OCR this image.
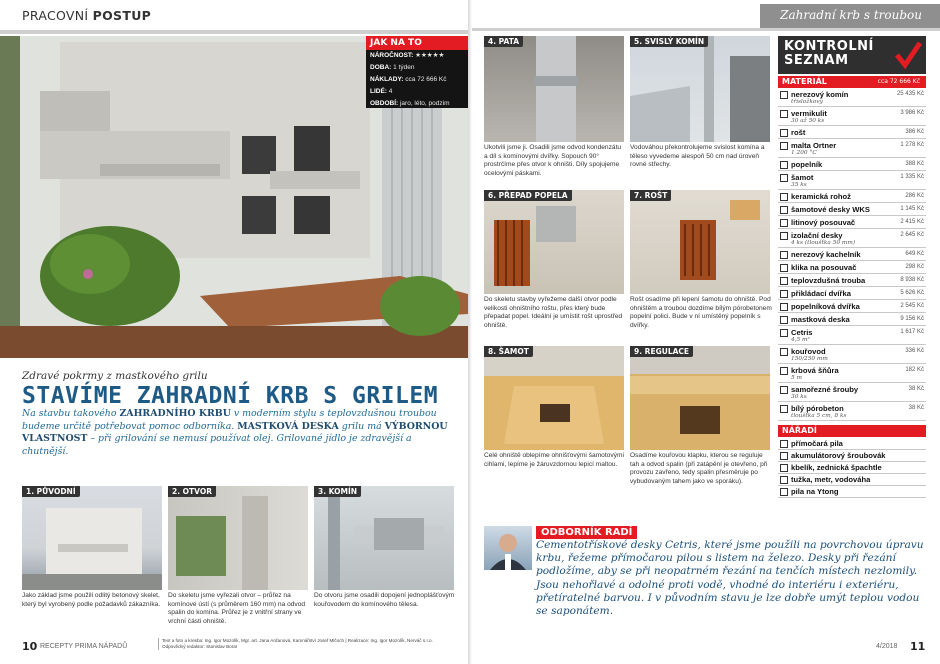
PRACOVNÍ POSTUP	Zahradní krb s troubou
JAK NA TO
NÁROČNOST: ★★★★★
DOBA: 1 týden
NÁKLADY: cca 72 666 Kč
LIDÉ: 4
OBDOBÍ: jaro, léto, podzim
Zdravé pokrmy z mastkového grilu
STAVÍME ZAHRADNÍ KRB S GRILEM
Na stavbu takového ZAHRADNÍHO KRBU v moderním stylu s teplovzdušnou troubou budeme určitě potřebovat pomoc odborníka. MASTKOVÁ DESKA grilu má VÝBORNOU VLASTNOST – při grilování se nemusí používat olej. Grilované jídlo je zdravější a chutnější.
1. PŮVODNÍ
Jako základ jsme použili odlitý betonový skelet, který byl vyrobený podle požadavků zákazníka.
2. OTVOR
Do skeletu jsme vyřezali otvor – průřez na komínové ústí (s průměrem 160 mm) na odvod spalin do komína. Průřez je z vnitřní strany ve vrchní části ohniště.
3. KOMÍN
Do otvoru jsme osadili dopojení jednoplášťovým kouřovodem do komínového tělesa.
4. PATA
Ukotvili jsme ji. Osadili jsme odvod kondenzátu a díl s komínovými dvířky. Sopouch 90° prostrčíme přes otvor k ohništi. Díly spojujeme ocelovými páskami.
5. SVISLÝ KOMÍN
Vodováhou překontrolujeme svislost komína a těleso vyvedeme alespoň 50 cm nad úroveň rovné střechy.
6. PŘEPAD POPELA
Do skeletu stavby vyřežeme další otvor podle velikosti ohništního roštu, přes který bude přepadat popel. Ideální je umístit rošt uprostřed ohniště.
7. ROŠT
Rošt osadíme při lepení šamotu do ohniště. Pod ohništěm a troubou dozdíme bílým pórobetonem popelní polici. Bude v ní umístěný popelník s dvířky.
8. ŠAMOT
Celé ohniště oblepíme ohnišťovými šamotovými cihlami, lepíme je žáruvzdornou lepicí maltou.
9. REGULACE
Osadíme kouřovou klapku, kterou se reguluje tah a odvod spalin (při zatápění je otevřeno, při provozu zavřeno, tedy spalin přesměruje po vybudovaným tahem jako ve sporáku).
KONTROLNÍ
SEZNAM
cca 72 666 Kč
MATERIÁL
nerezový komín
třísložkový
25 435 Kč
vermikulit
30 až 50 ks
3 986 Kč
rošt	386 Kč
malta Ortner
1 200 °C
1 278 Kč
popelník	388 Kč
šamot
35 ks
1 335 Kč
keramická rohož	286 Kč
šamotové desky WKS	1 145 Kč
litinový posouvač	2 415 Kč
izolační desky
4 ks (tloušťka 50 mm)
2 645 Kč
nerezový kachelník	649 Kč
klika na posouvač	298 Kč
teplovzdušná trouba	8 938 Kč
přikládací dvířka	5 626 Kč
popelníková dvířka	2 545 Kč
mastková deska	9 156 Kč
Cetris
4,5 m²
1 617 Kč
kouřovod
150/250 mm
336 Kč
krbová šňůra
5 m
182 Kč
samořezné šrouby
30 ks
38 Kč
bílý pórobeton
tloušťka 5 cm, 8 ks
38 Kč
NÁŘADÍ
přímočará pila
akumulátorový šroubovák
kbelík, zednická špachtle
tužka, metr, vodováha
pila na Ytong
ODBORNÍK RADÍ
Cementotřískové desky Cetris, které jsme použili na povrchovou úpravu krbu, řežeme přímočarou pilou s listem na železo. Desky při řezání podložíme, aby se při neopatrném řezání na tenčích místech nezlomily. Jsou nehořlavé a odolné proti vodě, vhodné do interiéru i exteriéru, přetíratelné barvou. I v původním stavu je lze dobře umýt teplou vodou se saponátem.
10 RECEPTY PRIMA NÁPADŮ
Text a foto a kresba: Ing. Igor Mozolík, Mgr. art. Jana Arďanová, Kamnářství Josef Mlčoch | Realizace: Ing. Igor Mozolík, Nerváč s.r.o.
Odpovědný redaktor: Stanislav Borar	4/2018 11
